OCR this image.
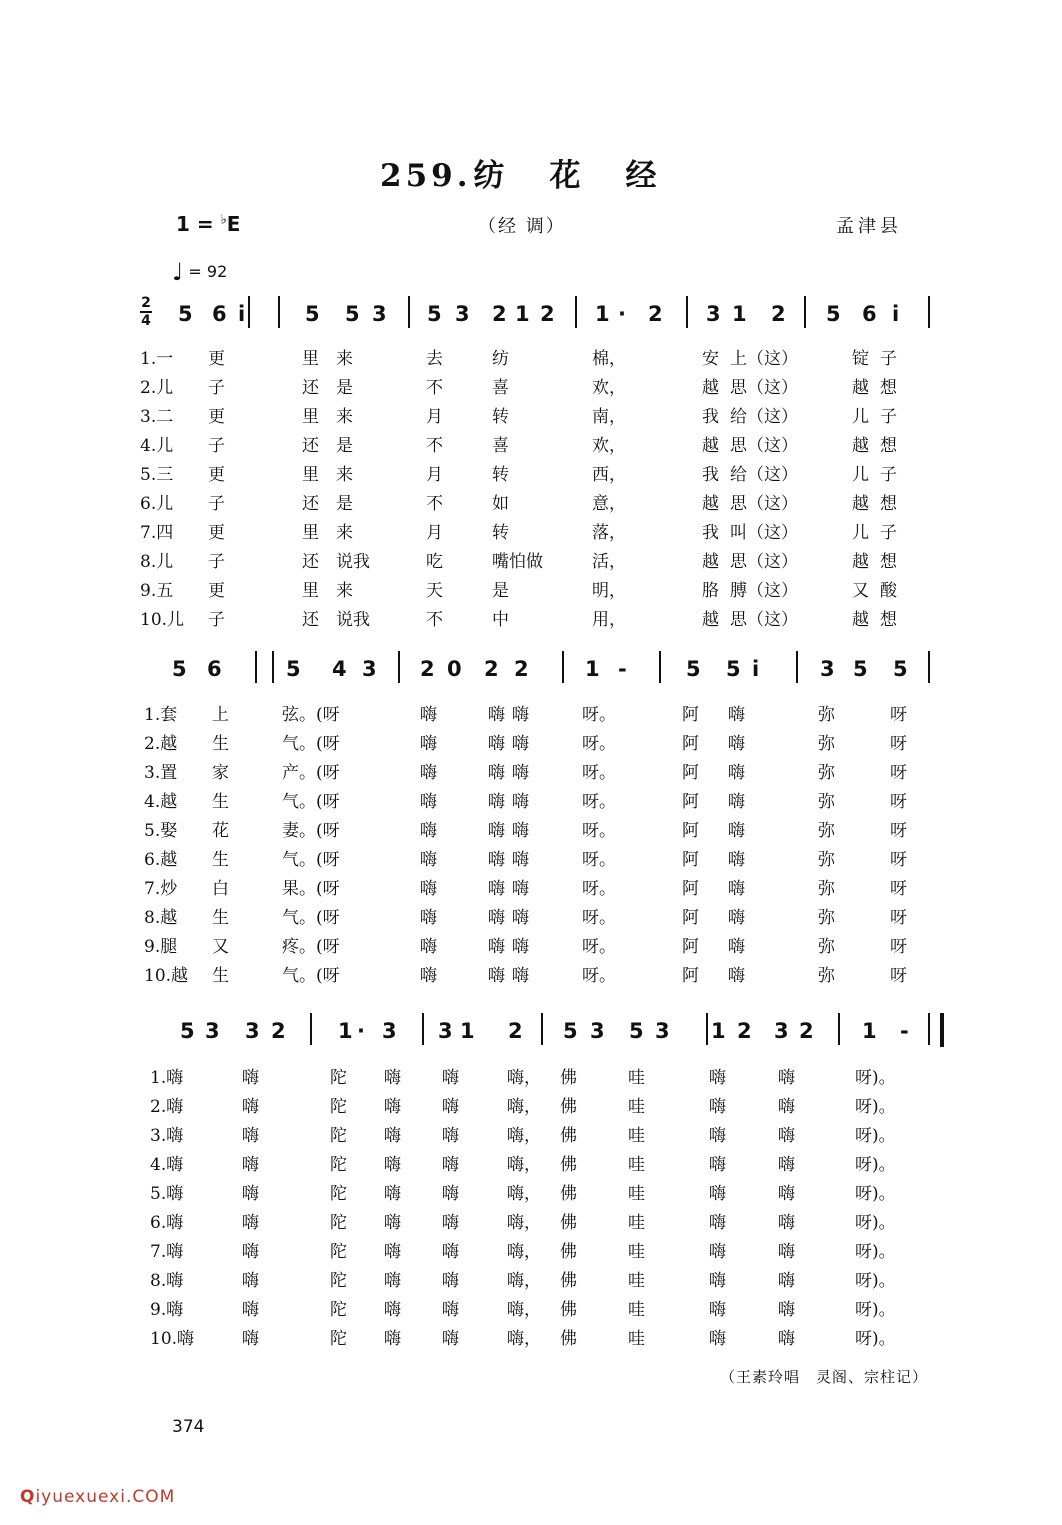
259.纺 花 经
1 = ♭E	（经 调）	孟津县
♩ = 92
2
4 5 6 i	5 5 3 5 3 2 1 2 1 · 2 3 1 2 5 6 i
1.一 更	里 来	去	纺	棉，	安 上（这）	锭 子
2.儿 子	还 是	不	喜	欢，	越 思（这）	越 想
3.二 更	里 来	月	转	南，	我 给（这）	儿 子
4.儿 子	还 是	不	喜	欢，	越 思（这）	越 想
5.三 更	里 来	月	转	西，	我 给（这）	儿 子
6.儿 子	还 是	不	如	意，	越 思（这）	越 想
7.四 更	里 来	月	转	落，	我 叫（这）	儿 子
8.儿 子	还 说我	吃	嘴怕做	活，	越 思（这）	越 想
9.五 更	里 来	天	是	明，	胳 膊（这）	又 酸
10.儿 子	还 说我	不	中	用，	越 思（这）	越 想
5 6	5 4 3 2 0 2 2	1 -	5 5 i	3 5 5
1.套 上	弦。(呀	嗨	嗨 嗨	呀。	阿 嗨	弥	呀
2.越 生	气。(呀	嗨	嗨 嗨	呀。	阿 嗨	弥	呀
3.置 家	产。(呀	嗨	嗨 嗨	呀。	阿 嗨	弥	呀
4.越 生	气。(呀	嗨	嗨 嗨	呀。	阿 嗨	弥	呀
5.娶 花	妻。(呀	嗨	嗨 嗨	呀。	阿 嗨	弥	呀
6.越 生	气。(呀	嗨	嗨 嗨	呀。	阿 嗨	弥	呀
7.炒 白	果。(呀	嗨	嗨 嗨	呀。	阿 嗨	弥	呀
8.越 生	气。(呀	嗨	嗨 嗨	呀。	阿 嗨	弥	呀
9.腿 又	疼。(呀	嗨	嗨 嗨	呀。	阿 嗨	弥	呀
10.越 生	气。(呀	嗨	嗨 嗨	呀。	阿 嗨	弥	呀
5 3 3 2 1 · 3 3 1 2 5 3 5 3 1 2 3 2 1 -
1.嗨	嗨	陀 嗨 嗨	嗨， 佛	哇	嗨	嗨	呀)。
2.嗨	嗨	陀 嗨 嗨	嗨， 佛	哇	嗨	嗨	呀)。
3.嗨	嗨	陀 嗨 嗨	嗨， 佛	哇	嗨	嗨	呀)。
4.嗨	嗨	陀 嗨 嗨	嗨， 佛	哇	嗨	嗨	呀)。
5.嗨	嗨	陀 嗨 嗨	嗨， 佛	哇	嗨	嗨	呀)。
6.嗨	嗨	陀 嗨 嗨	嗨， 佛	哇	嗨	嗨	呀)。
7.嗨	嗨	陀 嗨 嗨	嗨， 佛	哇	嗨	嗨	呀)。
8.嗨	嗨	陀 嗨 嗨	嗨， 佛	哇	嗨	嗨	呀)。
9.嗨	嗨	陀 嗨 嗨	嗨， 佛	哇	嗨	嗨	呀)。
10.嗨	嗨	陀 嗨 嗨	嗨， 佛	哇	嗨	嗨	呀)。
（王素玲唱　灵阁、宗柱记）
374
Qiyuexuexi.COM
